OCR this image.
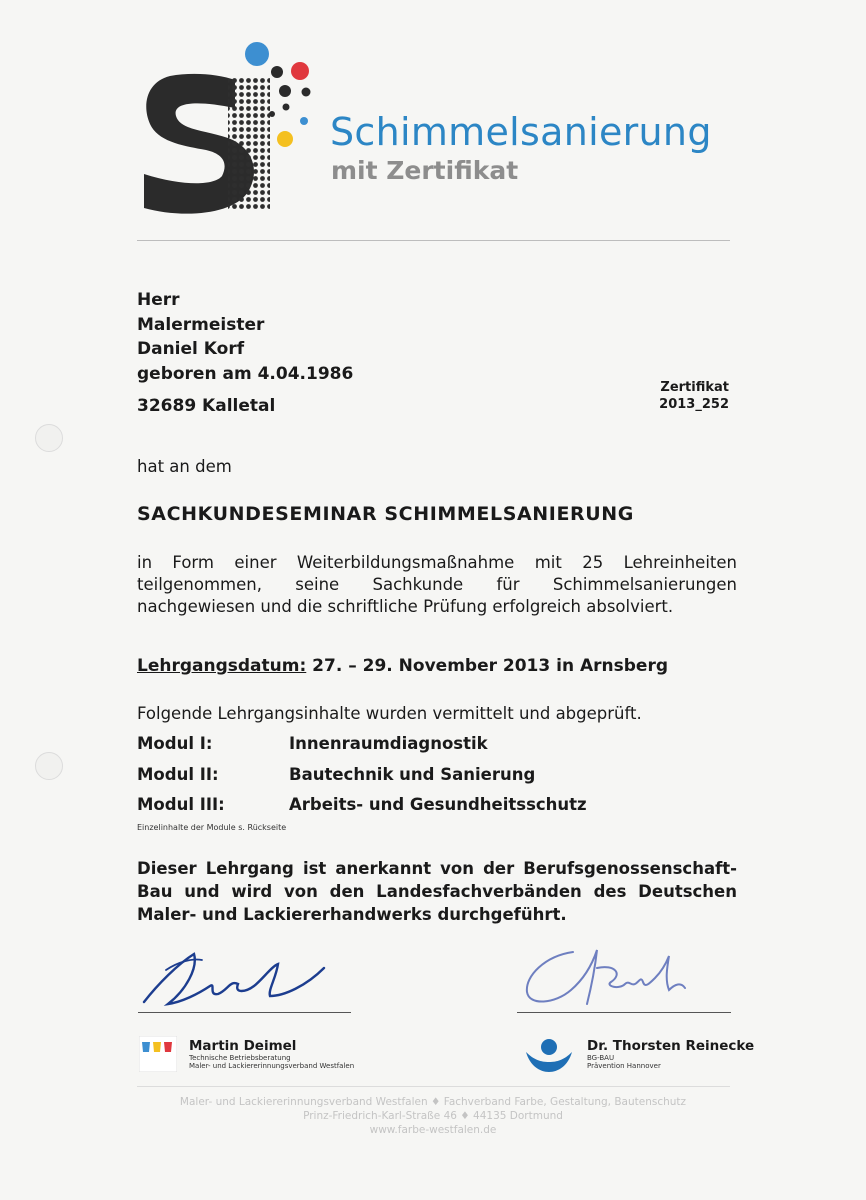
Schimmelsanierung
mit Zertifikat
Herr
Malermeister
Daniel Korf
geboren am 4.04.1986
32689 Kalletal
Zertifikat
2013_252
hat an dem
SACHKUNDESEMINAR SCHIMMELSANIERUNG
in Form einer Weiterbildungsmaßnahme mit 25 Lehreinheiten teilgenommen, seine Sachkunde für Schimmelsanierungen nachgewiesen und die schriftliche Prüfung erfolgreich absolviert.
Lehrgangsdatum: 27. – 29. November 2013 in Arnsberg
Folgende Lehrgangsinhalte wurden vermittelt und abgeprüft.
Modul I:	Innenraumdiagnostik
Modul II:	Bautechnik und Sanierung
Modul III:	Arbeits- und Gesundheitsschutz
Einzelinhalte der Module s. Rückseite
Dieser Lehrgang ist anerkannt von der Berufsgenossenschaft-Bau und wird von den Landesfachverbänden des Deutschen Maler- und Lackiererhandwerks durchgeführt.
Martin Deimel
Technische Betriebsberatung
Maler- und Lackiererinnungsverband Westfalen
Dr. Thorsten Reinecke
BG-BAU
Prävention Hannover
Maler- und Lackiererinnungsverband Westfalen ♦ Fachverband Farbe, Gestaltung, Bautenschutz
Prinz-Friedrich-Karl-Straße 46 ♦ 44135 Dortmund
www.farbe-westfalen.de
